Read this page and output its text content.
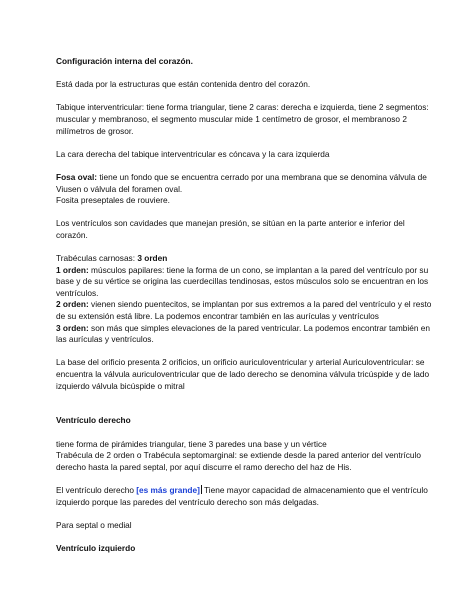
Configuración interna del corazón.

Está dada por la estructuras que están contenida dentro del corazón.

Tabique interventricular: tiene forma triangular, tiene 2 caras: derecha e izquierda, tiene 2 segmentos: muscular y membranoso, el segmento muscular mide 1 centímetro de grosor, el membranoso 2 milímetros de grosor.

La cara derecha del tabique interventricular es cóncava y la cara izquierda

Fosa oval: tiene un fondo que se encuentra cerrado por una membrana que se denomina válvula de Viusen o válvula del foramen oval.
Fosita preseptales de rouviere.

Los ventrículos son cavidades que manejan presión, se sitúan en la parte anterior e inferior del corazón.

Trabéculas carnosas: 3 orden
1 orden: músculos papilares: tiene la forma de un cono, se implantan a la pared del ventrículo por su base y de su vértice se origina las cuerdecillas tendinosas, estos músculos solo se encuentran en los ventrículos.
2 orden: vienen siendo puentecitos, se implantan por sus extremos a la pared del ventrículo y el resto de su extensión está libre. La podemos encontrar también en las aurículas y ventrículos
3 orden: son más que simples elevaciones de la pared ventricular. La podemos encontrar también en las aurículas y ventrículos.

La base del orificio presenta 2 orificios, un orificio auriculoventricular y arterial Auriculoventricular: se encuentra la válvula auriculoventricular que de lado derecho se denomina válvula tricúspide y de lado izquierdo válvula bicúspide o mitral

Ventrículo derecho

tiene forma de pirámides triangular, tiene 3 paredes una base y un vértice
Trabécula de 2 orden o Trabécula septomarginal: se extiende desde la pared anterior del ventrículo derecho hasta la pared septal, por aquí discurre el ramo derecho del haz de His.

El ventrículo derecho [es más grande] Tiene mayor capacidad de almacenamiento que el ventrículo izquierdo porque las paredes del ventrículo derecho son más delgadas.

Para septal o medial

Ventrículo izquierdo
